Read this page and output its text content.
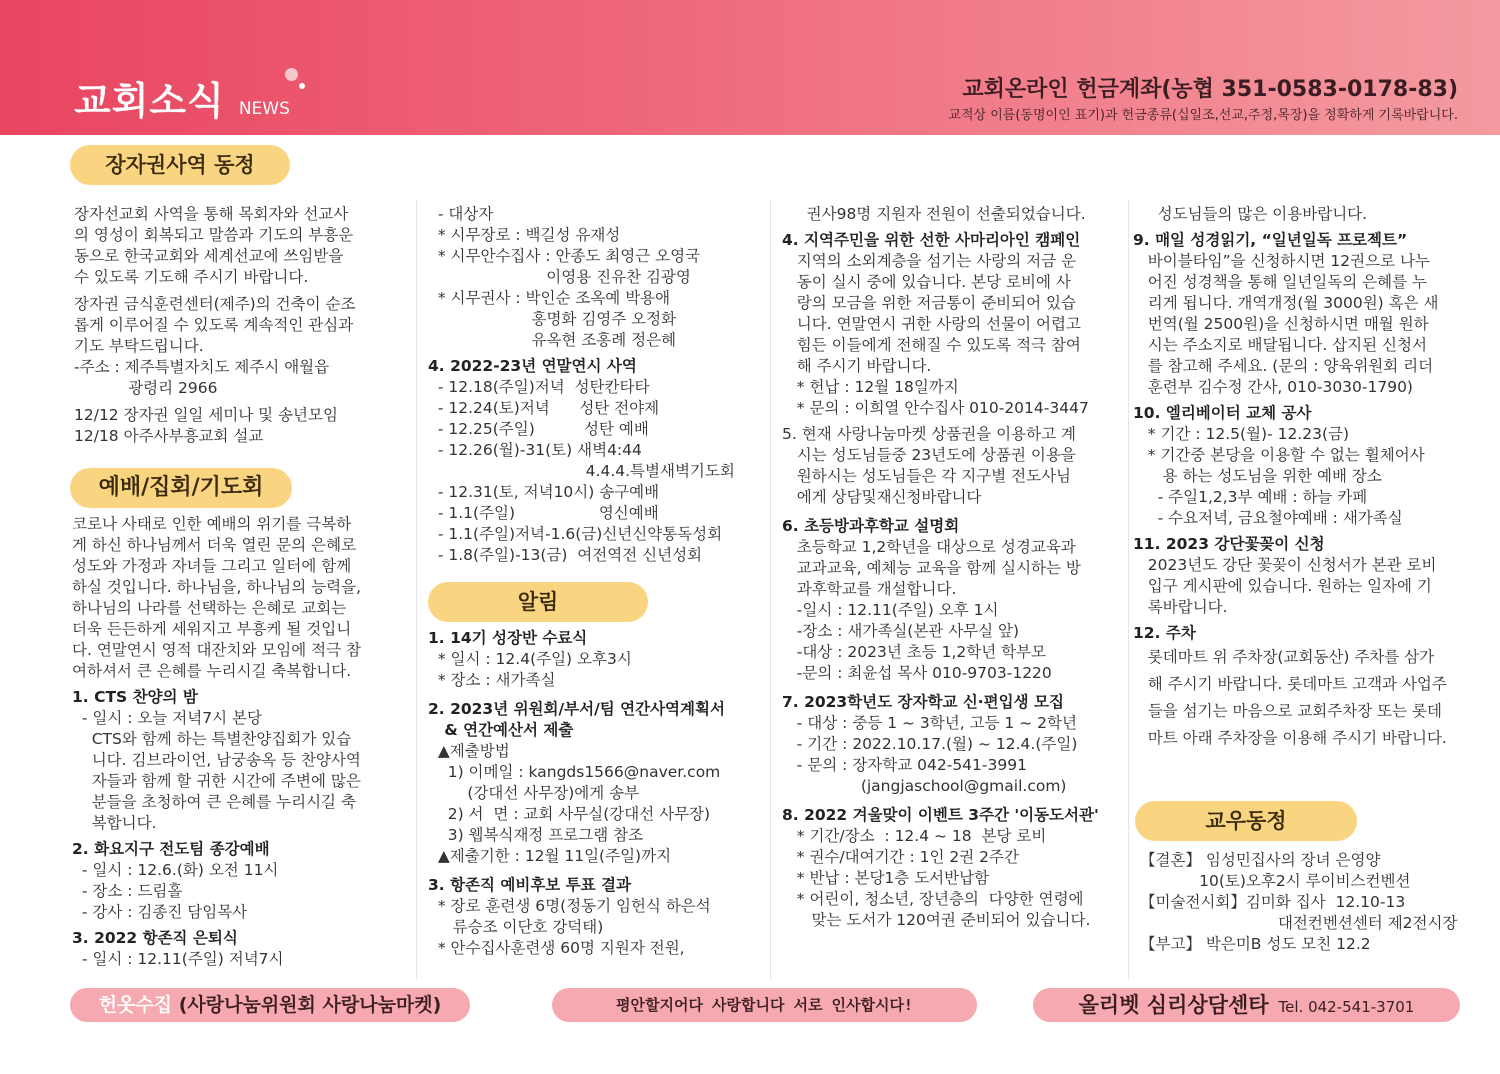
교회소식 NEWS
교회온라인 헌금계좌(농협 351-0583-0178-83)
교적상 이름(동명이인 표기)과 헌금종류(십일조,선교,주정,목장)을 정확하게 기록바랍니다.
장자권사역 동정
예배/집회/기도회
알림
교우동정

장자선교회 사역을 통해 목회자와 선교사

의 영성이 회복되고 말씀과 기도의 부흥운

동으로 한국교회와 세계선교에 쓰임받을

수 있도록 기도해 주시기 바랍니다.

장자권 금식훈련센터(제주)의 건축이 순조

롭게 이루어질 수 있도록 계속적인 관심과

기도 부탁드립니다.

-주소 : 제주특별자치도 제주시 애월읍

광령리 2966

12/12 장자권 일일 세미나 및 송년모임

12/18 아주사부흥교회 설교

코로나 사태로 인한 예배의 위기를 극복하

게 하신 하나님께서 더욱 열린 문의 은혜로

성도와 가정과 자녀들 그리고 일터에 함께

하실 것입니다. 하나님을, 하나님의 능력을,

하나님의 나라를 선택하는 은혜로 교회는

더욱 든든하게 세워지고 부흥케 될 것입니

다. 연말연시 영적 대잔치와 모임에 적극 참

여하셔서 큰 은혜를 누리시길 축복합니다.

1. CTS 찬양의 밤

- 일시 : 오늘 저녁7시 본당

CTS와 함께 하는 특별찬양집회가 있습

니다. 김브라이언, 남궁송옥 등 찬양사역

자들과 함께 할 귀한 시간에 주변에 많은

분들을 초청하여 큰 은혜를 누리시길 축

복합니다.

2. 화요지구 전도팀 종강예배

- 일시 : 12.6.(화) 오전 11시

- 장소 : 드림홀

- 강사 : 김종진 담임목사

3. 2022 항존직 은퇴식

- 일시 : 12.11(주일) 저녁7시

- 대상자

* 시무장로 : 백길성 유재성

* 시무안수집사 : 안종도 최영근 오영국

이영용 진유찬 김광영

* 시무권사 : 박인순 조옥예 박용애

홍명화 김영주 오정화

유옥현 조홍례 정은혜

4. 2022-23년 연말연시 사역

- 12.18(주일)저녁  성탄칸타타

- 12.24(토)저녁      성탄 전야제

- 12.25(주일)          성탄 예배

- 12.26(월)-31(토) 새벽4:44

4.4.4.특별새벽기도회

- 12.31(토, 저녁10시) 송구예배

- 1.1(주일)                 영신예배

- 1.1(주일)저녁-1.6(금)신년신약통독성회

- 1.8(주일)-13(금)  여전역전 신년성회

1. 14기 성장반 수료식

* 일시 : 12.4(주일) 오후3시

* 장소 : 새가족실

2. 2023년 위원회/부서/팀 연간사역계획서

& 연간예산서 제출

▲제출방법

1) 이메일 : kangds1566@naver.com

(강대선 사무장)에게 송부

2) 서  면 : 교회 사무실(강대선 사무장)

3) 웹복식재정 프로그램 참조

▲제출기한 : 12월 11일(주일)까지

3. 항존직 예비후보 투표 결과

* 장로 훈련생 6명(정동기 임헌식 하은석

류승조 이단호 강덕태)

* 안수집사훈련생 60명 지원자 전원,

권사98명 지원자 전원이 선출되었습니다.

4. 지역주민을 위한 선한 사마리아인 캠페인

지역의 소외계층을 섬기는 사랑의 저금 운

동이 실시 중에 있습니다. 본당 로비에 사

랑의 모금을 위한 저금통이 준비되어 있습

니다. 연말연시 귀한 사랑의 선물이 어렵고

힘든 이들에게 전해질 수 있도록 적극 참여

해 주시기 바랍니다.

* 헌납 : 12월 18일까지

* 문의 : 이희열 안수집사 010-2014-3447

5. 현재 사랑나눔마켓 상품권을 이용하고 계

시는 성도님들중 23년도에 상품권 이용을

원하시는 성도님들은 각 지구별 전도사님

에게 상담및재신청바랍니다

6. 초등방과후학교 설명회

초등학교 1,2학년을 대상으로 성경교육과

교과교육, 예체능 교육을 함께 실시하는 방

과후학교를 개설합니다.

-일시 : 12.11(주일) 오후 1시

-장소 : 새가족실(본관 사무실 앞)

-대상 : 2023년 초등 1,2학년 학부모

-문의 : 최윤섭 목사 010-9703-1220

7. 2023학년도 장자학교 신·편입생 모집

- 대상 : 중등 1 ~ 3학년, 고등 1 ~ 2학년

- 기간 : 2022.10.17.(월) ~ 12.4.(주일)

- 문의 : 장자학교 042-541-3991

(jangjaschool@gmail.com)

8. 2022 겨울맞이 이벤트 3주간 '이동도서관'

* 기간/장소  : 12.4 ~ 18  본당 로비

* 권수/대여기간 : 1인 2권 2주간

* 반납 : 본당1층 도서반납함

* 어린이, 청소년, 장년층의  다양한 연령에

맞는 도서가 120여권 준비되어 있습니다.

성도님들의 많은 이용바랍니다.

9. 매일 성경읽기, “일년일독 프로젝트”

바이블타임”을 신청하시면 12권으로 나누

어진 성경책을 통해 일년일독의 은혜를 누

리게 됩니다. 개역개정(월 3000원) 혹은 새

번역(월 2500원)을 신청하시면 매월 원하

시는 주소지로 배달됩니다. 삽지된 신청서

를 참고해 주세요. (문의 : 양육위원회 리더

훈련부 김수정 간사, 010-3030-1790)

10. 엘리베이터 교체 공사

* 기간 : 12.5(월)- 12.23(금)

* 기간중 본당을 이용할 수 없는 휠체어사

용 하는 성도님을 위한 예배 장소

- 주일1,2,3부 예배 : 하늘 카페

- 수요저녁, 금요철야예배 : 새가족실

11. 2023 강단꽃꽂이 신청

2023년도 강단 꽃꽂이 신청서가 본관 로비

입구 게시판에 있습니다. 원하는 일자에 기

록바랍니다.

12. 주차

롯데마트 위 주차장(교회동산) 주차를 삼가

해 주시기 바랍니다. 롯데마트 고객과 사업주

들을 섬기는 마음으로 교회주차장 또는 롯데

마트 아래 주차장을 이용해 주시기 바랍니다.

【결혼】 임성민집사의 장녀 은영양

10(토)오후2시 루이비스컨벤션

【미술전시회】김미화 집사  12.10-13

대전컨벤션센터 제2전시장

【부고】 박은미B 성도 모친 12.2

헌옷수집 (사랑나눔위원회 사랑나눔마켓)	평안할지어다 사랑합니다 서로 인사합시다!	올리벳 심리상담센타 Tel. 042-541-3701
